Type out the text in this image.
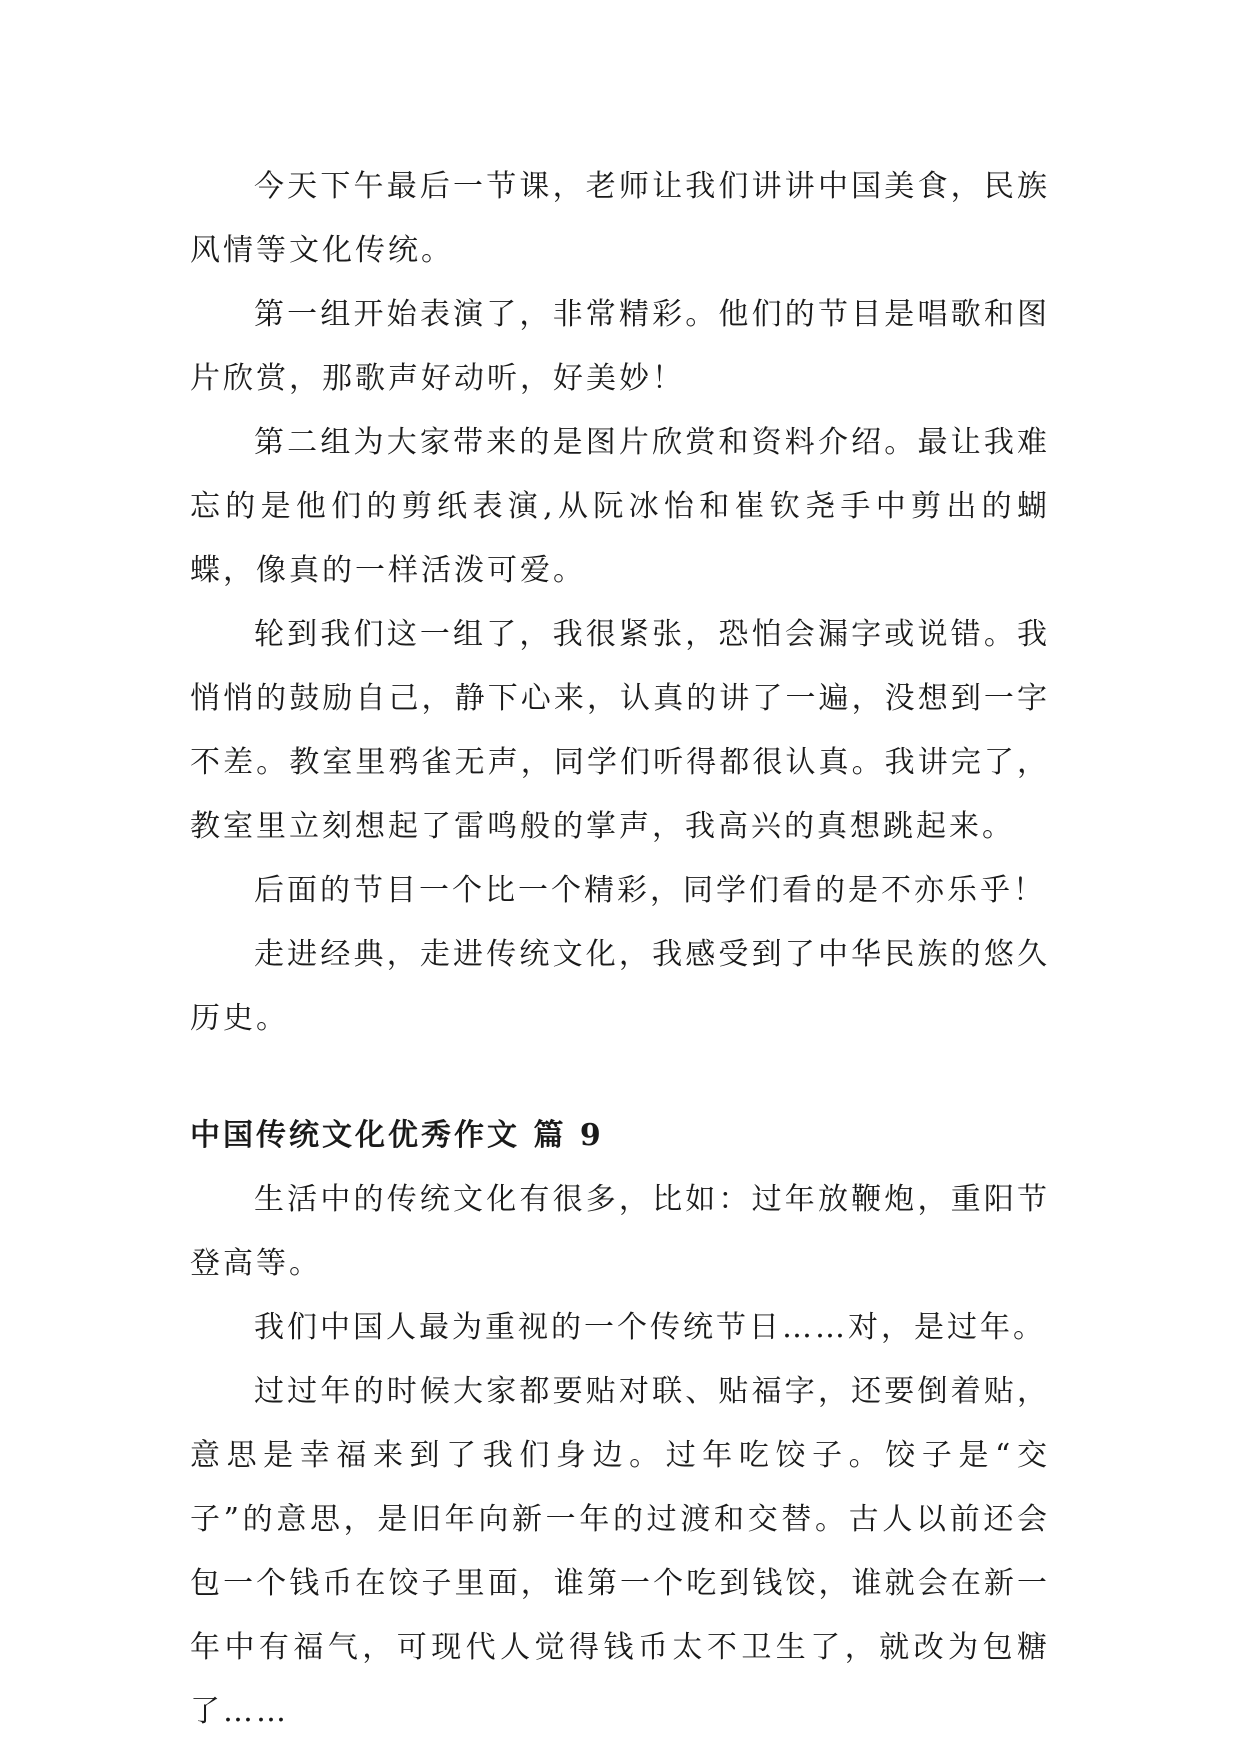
今天下午最后一节课，老师让我们讲讲中国美食，民族风情等文化传统。

第一组开始表演了，非常精彩。他们的节目是唱歌和图片欣赏，那歌声好动听，好美妙！

第二组为大家带来的是图片欣赏和资料介绍。最让我难忘的是他们的剪纸表演,从阮冰怡和崔钦尧手中剪出的蝴蝶，像真的一样活泼可爱。

轮到我们这一组了，我很紧张，恐怕会漏字或说错。我悄悄的鼓励自己，静下心来，认真的讲了一遍，没想到一字不差。教室里鸦雀无声，同学们听得都很认真。我讲完了，教室里立刻想起了雷鸣般的掌声，我高兴的真想跳起来。

后面的节目一个比一个精彩，同学们看的是不亦乐乎！

走进经典，走进传统文化，我感受到了中华民族的悠久历史。

中国传统文化优秀作文 篇 9

生活中的传统文化有很多，比如：过年放鞭炮，重阳节登高等。

我们中国人最为重视的一个传统节日……对，是过年。

过过年的时候大家都要贴对联、贴福字，还要倒着贴，意思是幸福来到了我们身边。过年吃饺子。饺子是“交子”的意思，是旧年向新一年的过渡和交替。古人以前还会包一个钱币在饺子里面，谁第一个吃到钱饺，谁就会在新一年中有福气，可现代人觉得钱币太不卫生了，就改为包糖了……
